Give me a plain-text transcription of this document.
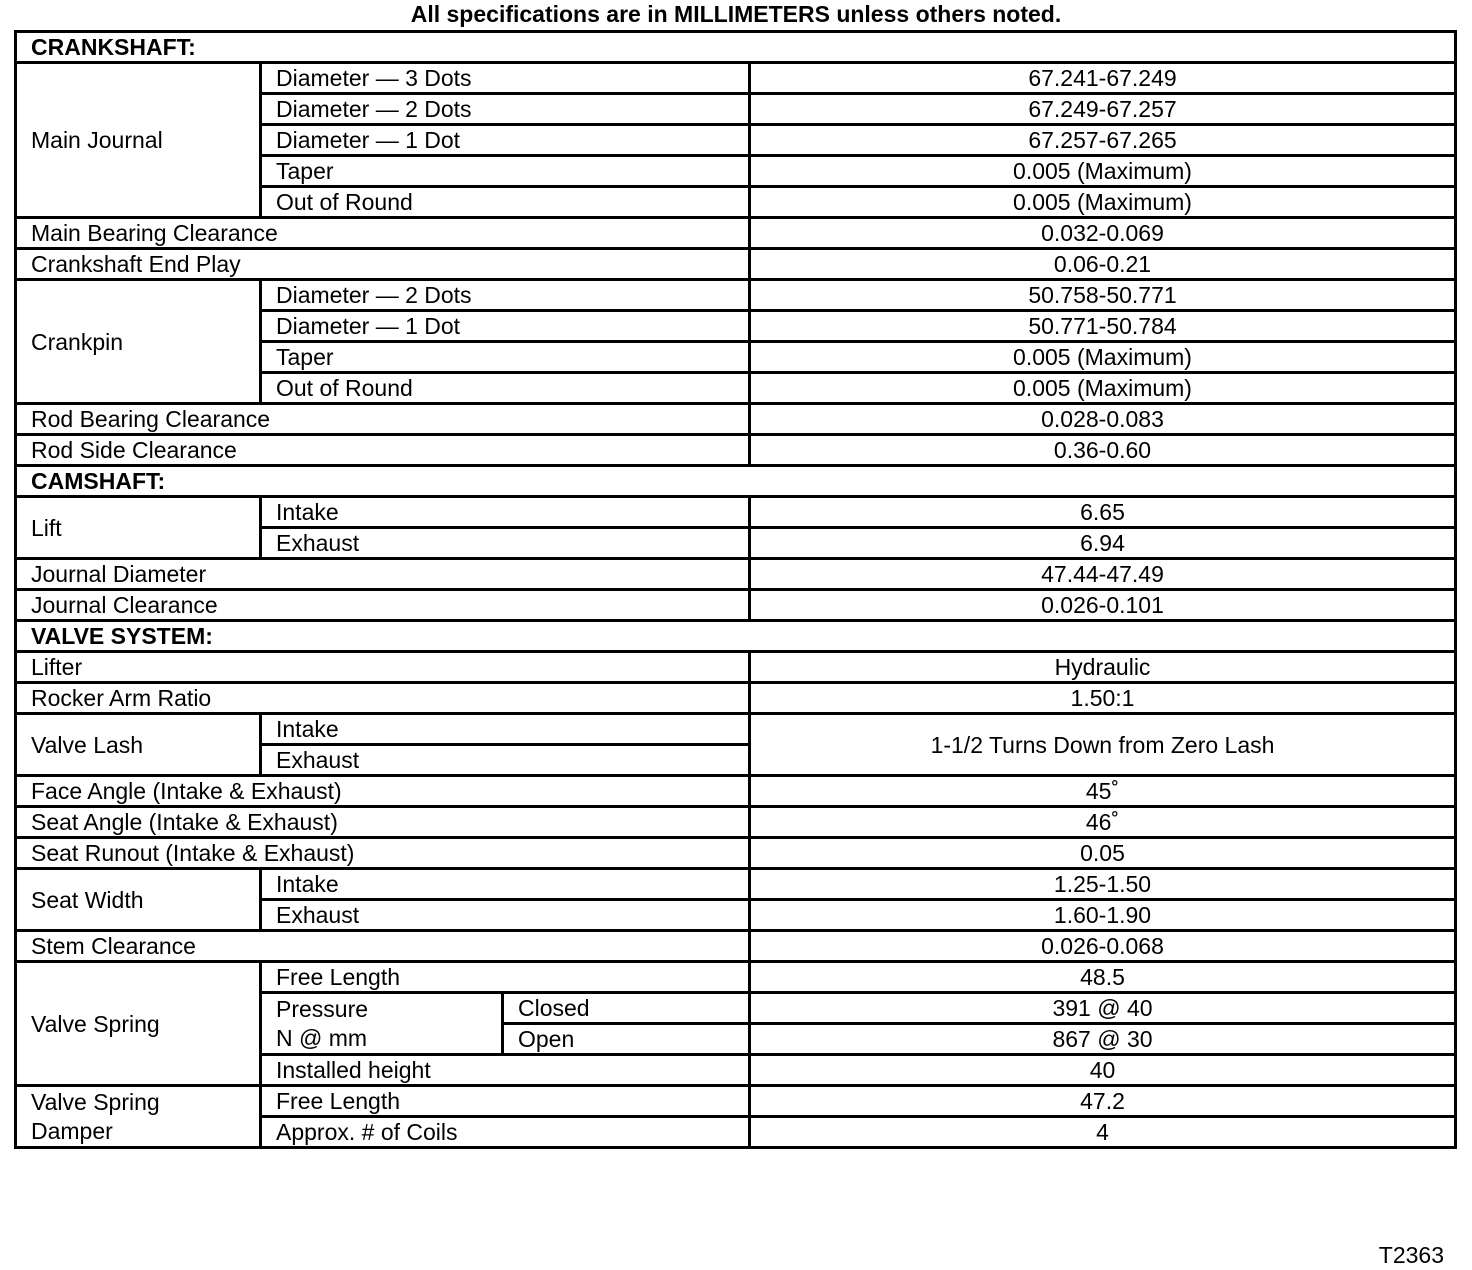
All specifications are in MILLIMETERS unless others noted.
CRANKSHAFT:			
Main Journal	Diameter — 3 Dots		67.241-67.249
	Diameter — 2 Dots		67.249-67.257
	Diameter — 1 Dot		67.257-67.265
	Taper		0.005 (Maximum)
	Out of Round		0.005 (Maximum)
Main Bearing Clearance			0.032-0.069
Crankshaft End Play			0.06-0.21
Crankpin	Diameter — 2 Dots		50.758-50.771
	Diameter — 1 Dot		50.771-50.784
	Taper		0.005 (Maximum)
	Out of Round		0.005 (Maximum)
Rod Bearing Clearance			0.028-0.083
Rod Side Clearance			0.36-0.60
CAMSHAFT:			
Lift	Intake		6.65
	Exhaust		6.94
Journal Diameter			47.44-47.49
Journal Clearance			0.026-0.101
VALVE SYSTEM:			
Lifter			Hydraulic
Rocker Arm Ratio			1.50:1
Valve Lash	Intake		1-1/2 Turns Down from Zero Lash
	Exhaust		
Face Angle (Intake & Exhaust)			45˚
Seat Angle (Intake & Exhaust)			46˚
Seat Runout (Intake & Exhaust)			0.05
Seat Width	Intake		1.25-1.50
	Exhaust		1.60-1.90
Stem Clearance			0.026-0.068
Valve Spring	Free Length		48.5
	Pressure	Closed	391 @ 40
	N @ mm	Open	867 @ 30
	Installed height		40
Valve Spring	Free Length		47.2
Damper	Approx. # of Coils		4
T2363
